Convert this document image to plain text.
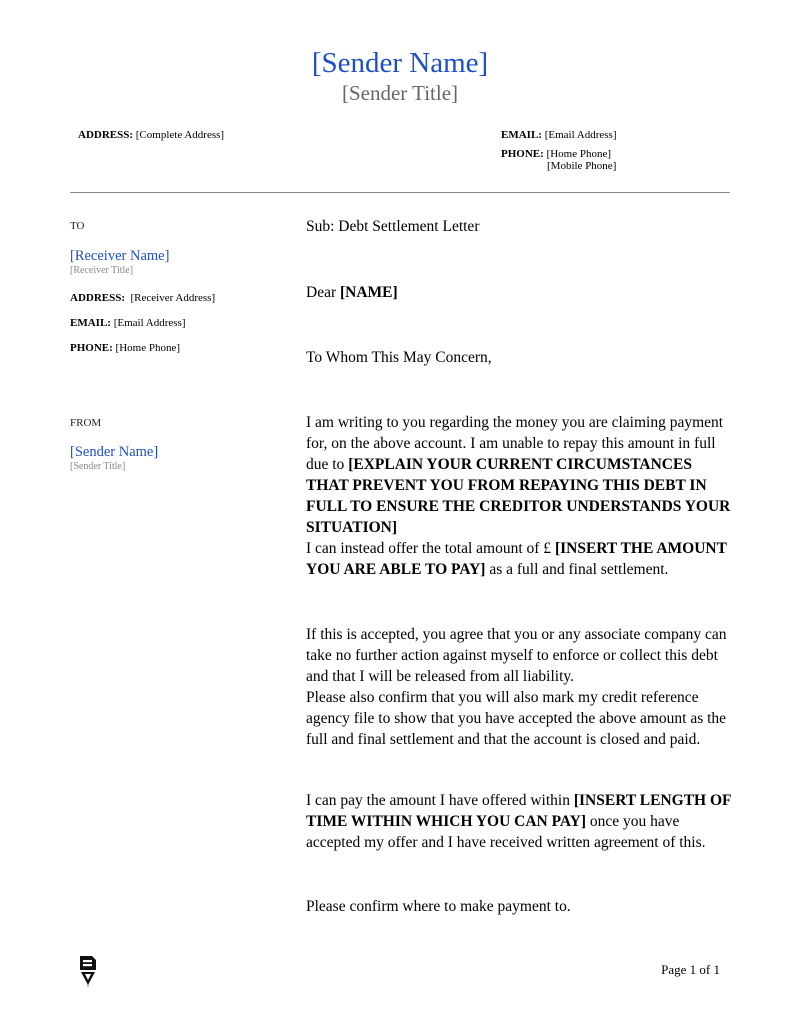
[Sender Name]
[Sender Title]
ADDRESS: [Complete Address]	EMAIL: [Email Address]
PHONE: [Home Phone]
[Mobile Phone]
TO
[Receiver Name]
[Receiver Title]
ADDRESS: [Receiver Address]
EMAIL: [Email Address]
PHONE: [Home Phone]
FROM
[Sender Name]
[Sender Title]
Sub: Debt Settlement Letter
Dear [NAME]
To Whom This May Concern,

I am writing to you regarding the money you are claiming payment for, on the above account. I am unable to repay this amount in full due to [EXPLAIN YOUR CURRENT CIRCUMSTANCES THAT PREVENT YOU FROM REPAYING THIS DEBT IN FULL TO ENSURE THE CREDITOR UNDERSTANDS YOUR SITUATION]

I can instead offer the total amount of £ [INSERT THE AMOUNT YOU ARE ABLE TO PAY] as a full and final settlement.

If this is accepted, you agree that you or any associate company can take no further action against myself to enforce or collect this debt and that I will be released from all liability.

Please also confirm that you will also mark my credit reference agency file to show that you have accepted the above amount as the full and final settlement and that the account is closed and paid.

I can pay the amount I have offered within [INSERT LENGTH OF TIME WITHIN WHICH YOU CAN PAY] once you have accepted my offer and I have received written agreement of this.

Please confirm where to make payment to.
Page 1 of 1
